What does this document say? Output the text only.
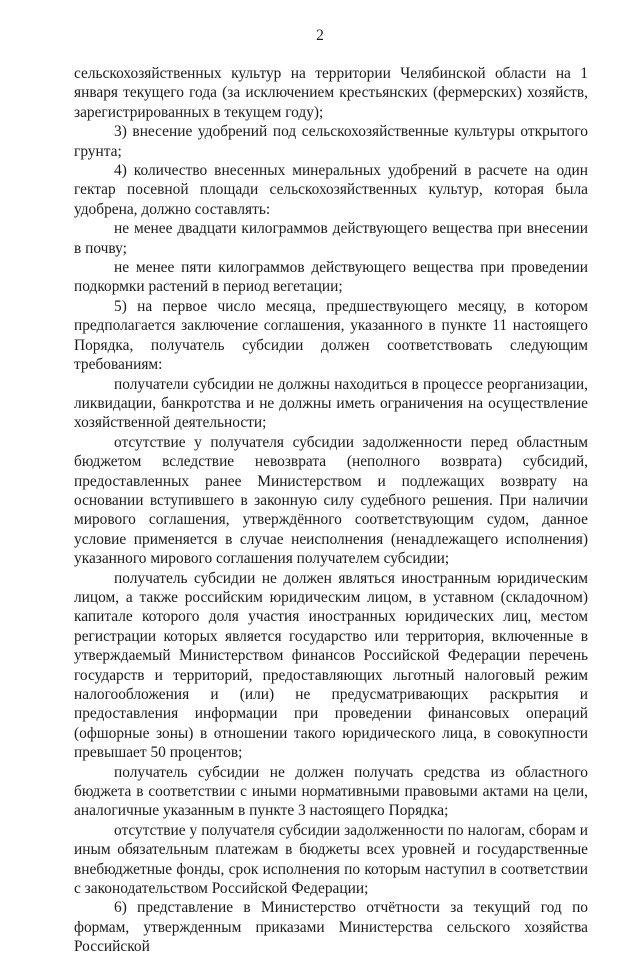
2

сельскохозяйственных культур на территории Челябинской области на 1 января текущего года (за исключением крестьянских (фермерских) хозяйств, зарегистрированных в текущем году);

3) внесение удобрений под сельскохозяйственные культуры открытого грунта;

4) количество внесенных минеральных удобрений в расчете на один гектар посевной площади сельскохозяйственных культур, которая была удобрена, должно составлять:

не менее двадцати килограммов действующего вещества при внесении в почву;

не менее пяти килограммов действующего вещества при проведении подкормки растений в период вегетации;

5) на первое число месяца, предшествующего месяцу, в котором предполагается заключение соглашения, указанного в пункте 11 настоящего Порядка, получатель субсидии должен соответствовать следующим требованиям:

получатели субсидии не должны находиться в процессе реорганизации, ликвидации, банкротства и не должны иметь ограничения на осуществление хозяйственной деятельности;

отсутствие у получателя субсидии задолженности перед областным бюджетом вследствие невозврата (неполного возврата) субсидий, предоставленных ранее Министерством и подлежащих возврату на основании вступившего в законную силу судебного решения. При наличии мирового соглашения, утверждённого соответствующим судом, данное условие применяется в случае неисполнения (ненадлежащего исполнения) указанного мирового соглашения получателем субсидии;

получатель субсидии не должен являться иностранным юридическим лицом, а также российским юридическим лицом, в уставном (складочном) капитале которого доля участия иностранных юридических лиц, местом регистрации которых является государство или территория, включенные в утверждаемый Министерством финансов Российской Федерации перечень государств и территорий, предоставляющих льготный налоговый режим налогообложения и (или) не предусматривающих раскрытия и предоставления информации при проведении финансовых операций (офшорные зоны) в отношении такого юридического лица, в совокупности превышает 50 процентов;

получатель субсидии не должен получать средства из областного бюджета в соответствии с иными нормативными правовыми актами на цели, аналогичные указанным в пункте 3 настоящего Порядка;

отсутствие у получателя субсидии задолженности по налогам, сборам и иным обязательным платежам в бюджеты всех уровней и государственные внебюджетные фонды, срок исполнения по которым наступил в соответствии с законодательством Российской Федерации;

6) представление в Министерство отчётности за текущий год по формам, утвержденным приказами Министерства сельского хозяйства Российской
